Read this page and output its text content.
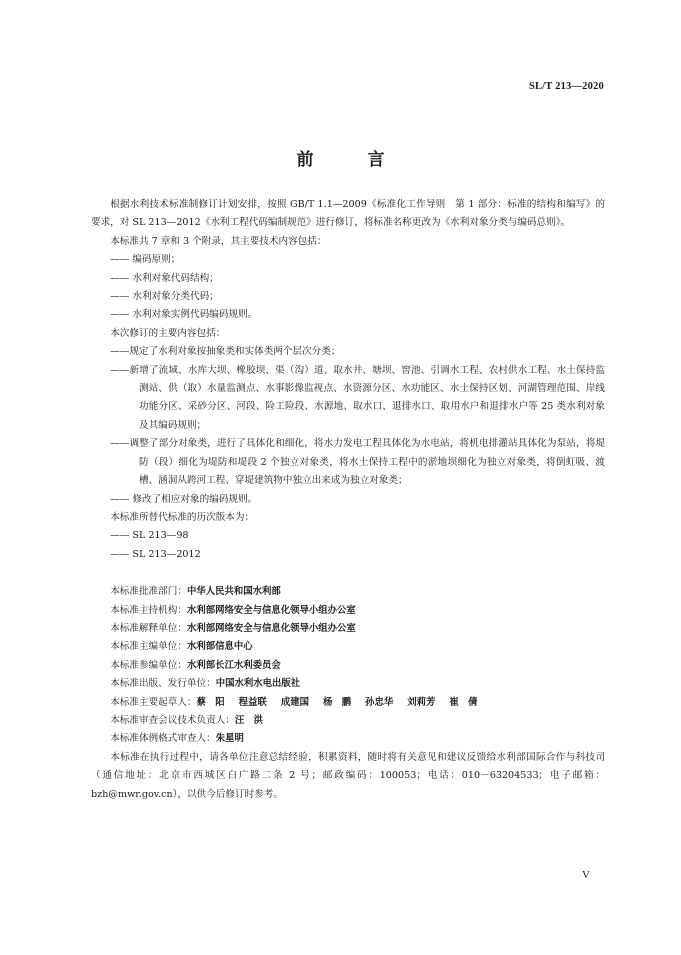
SL/T 213—2020
前 言

根据水利技术标准制修订计划安排，按照 GB/T 1.1—2009《标准化工作导则　第 1 部分：标准的结构和编写》的要求，对 SL 213—2012《水利工程代码编制规范》进行修订，将标准名称更改为《水利对象分类与编码总则》。

本标准共 7 章和 3 个附录，其主要技术内容包括：

—— 编码原则；

—— 水利对象代码结构；

—— 水利对象分类代码；

—— 水利对象实例代码编码规则。

本次修订的主要内容包括：

——规定了水利对象按抽象类和实体类两个层次分类；

——新增了流域、水库大坝、橡胶坝、渠（沟）道、取水井、塘坝、窖池、引调水工程、农村供水工程、水土保持监测站、供（取）水量监测点、水事影像监视点、水资源分区、水功能区、水土保持区划、河湖管理范围、岸线功能分区、采砂分区、河段、险工险段、水源地、取水口、退排水口、取用水户和退排水户等 25 类水利对象及其编码规则；

——调整了部分对象类，进行了具体化和细化，将水力发电工程具体化为水电站，将机电排灌站具体化为泵站，将堤防（段）细化为堤防和堤段 2 个独立对象类，将水土保持工程中的淤地坝细化为独立对象类，将倒虹吸、渡槽、涵洞从跨河工程、穿堤建筑物中独立出来成为独立对象类；

—— 修改了相应对象的编码规则。

本标准所替代标准的历次版本为：

—— SL 213—98

—— SL 213—2012

本标准批准部门：中华人民共和国水利部

本标准主持机构：水利部网络安全与信息化领导小组办公室

本标准解释单位：水利部网络安全与信息化领导小组办公室

本标准主编单位：水利部信息中心

本标准参编单位：水利部长江水利委员会

本标准出版、发行单位：中国水利水电出版社

本标准主要起草人：蔡　阳 程益联 成建国 杨　鹏 孙忠华 刘莉芳 崔　倩

本标准审查会议技术负责人：汪　洪

本标准体例格式审查人：朱星明

本标准在执行过程中，请各单位注意总结经验，积累资料，随时将有关意见和建议反馈给水利部国际合作与科技司（通信地址：北京市西城区白广路二条 2 号；邮政编码：100053；电话：010－63204533；电子邮箱：bzh@mwr.gov.cn），以供今后修订时参考。

V
